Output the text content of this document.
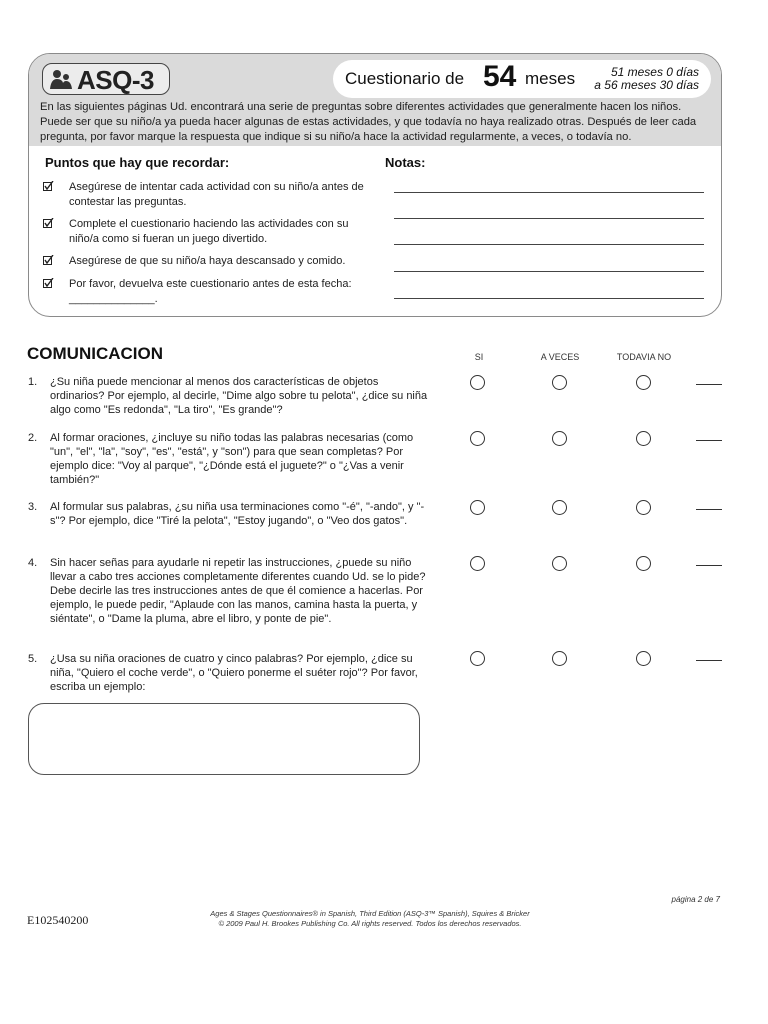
ASQ-3	Cuestionario de 54 meses	51 meses 0 días
a 56 meses 30 días
En las siguientes páginas Ud. encontrará una serie de preguntas sobre diferentes actividades que generalmente hacen los niños. Puede ser que su niño/a ya pueda hacer algunas de estas actividades, y que todavía no haya realizado otras. Después de leer cada pregunta, por favor marque la respuesta que indique si su niño/a hace la actividad regularmente, a veces, o todavía no.
Puntos que hay que recordar:	Notas:
Asegúrese de intentar cada actividad con su niño/a antes de contestar las preguntas.
Complete el cuestionario haciendo las actividades con su niño/a como si fueran un juego divertido.
Asegúrese de que su niño/a haya descansado y comido.
Por favor, devuelva este cuestionario antes de esta fecha: ______________.
COMUNICACION	SI	A VECES	TODAVIA NO
1. ¿Su niña puede mencionar al menos dos características de objetos ordinarios? Por ejemplo, al decirle, "Dime algo sobre tu pelota", ¿dice su niña algo como "Es redonda", "La tiro", "Es grande"?
2. Al formar oraciones, ¿incluye su niño todas las palabras necesarias (como "un", "el", "la", "soy", "es", "está", y "son") para que sean completas? Por ejemplo dice: "Voy al parque", "¿Dónde está el juguete?" o "¿Vas a venir también?"
3. Al formular sus palabras, ¿su niña usa terminaciones como "-é", "-ando", y "-s"? Por ejemplo, dice "Tiré la pelota", "Estoy jugando", o "Veo dos gatos".
4. Sin hacer señas para ayudarle ni repetir las instrucciones, ¿puede su niño llevar a cabo tres acciones completamente diferentes cuando Ud. se lo pide? Debe decirle las tres instrucciones antes de que él comience a hacerlas. Por ejemplo, le puede pedir, "Aplaude con las manos, camina hasta la puerta, y siéntate", o "Dame la pluma, abre el libro, y ponte de pie".
5. ¿Usa su niña oraciones de cuatro y cinco palabras? Por ejemplo, ¿dice su niña, "Quiero el coche verde", o "Quiero ponerme el suéter rojo"? Por favor, escriba un ejemplo:
página 2 de 7
E102540200	Ages & Stages Questionnaires® in Spanish, Third Edition (ASQ-3™ Spanish), Squires & Bricker
© 2009 Paul H. Brookes Publishing Co. All rights reserved. Todos los derechos reservados.
